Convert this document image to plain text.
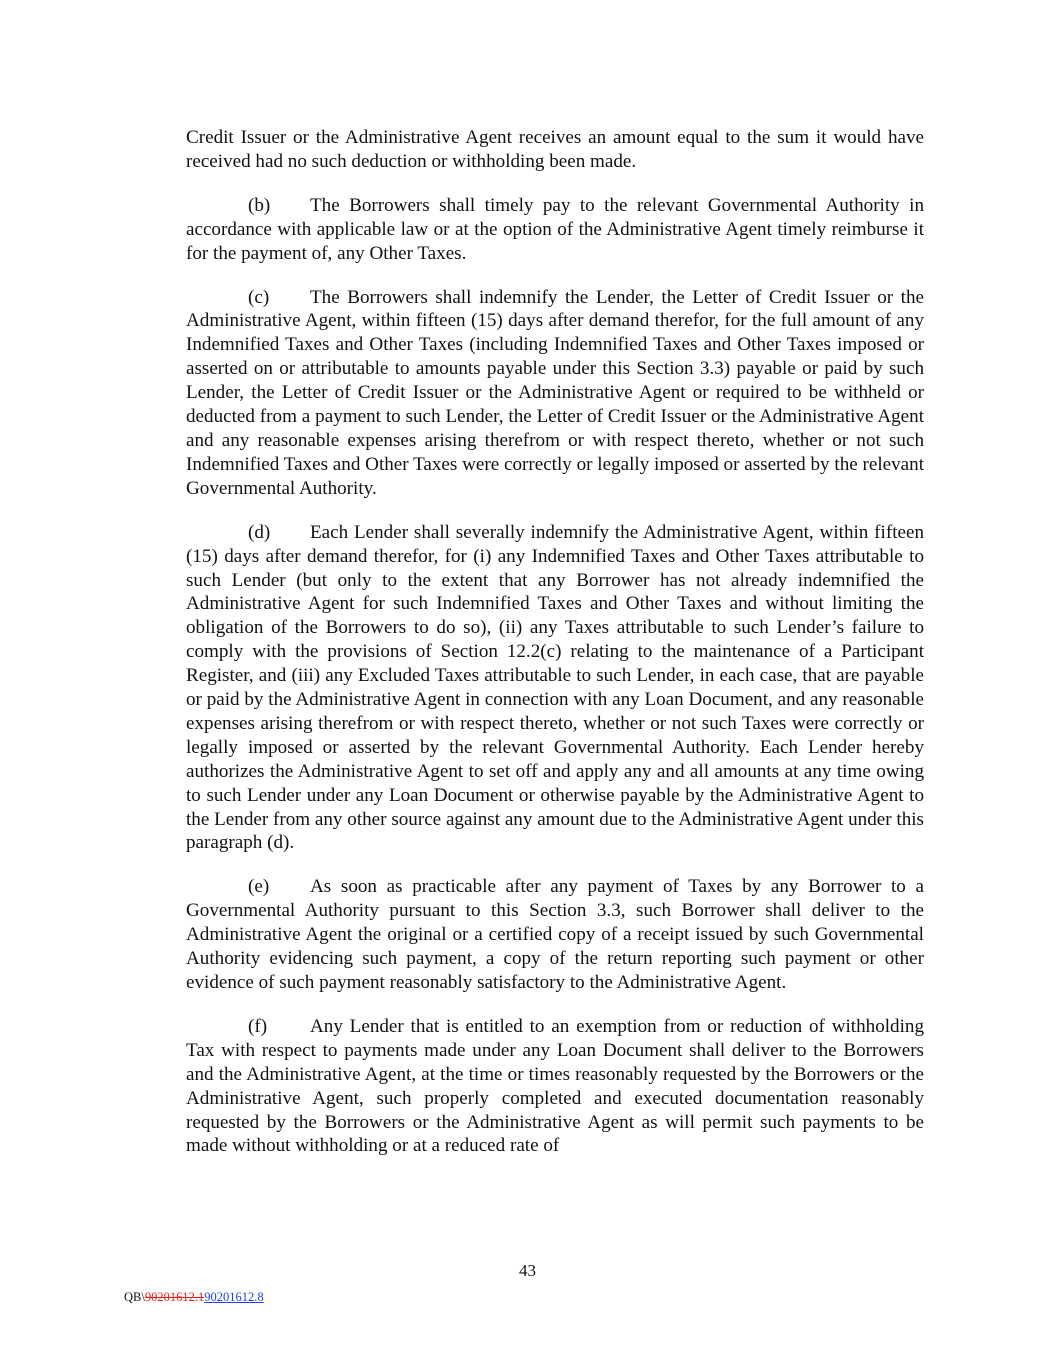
Credit Issuer or the Administrative Agent receives an amount equal to the sum it would have received had no such deduction or withholding been made.

(b) The Borrowers shall timely pay to the relevant Governmental Authority in accordance with applicable law or at the option of the Administrative Agent timely reimburse it for the payment of, any Other Taxes.

(c) The Borrowers shall indemnify the Lender, the Letter of Credit Issuer or the Administrative Agent, within fifteen (15) days after demand therefor, for the full amount of any Indemnified Taxes and Other Taxes (including Indemnified Taxes and Other Taxes imposed or asserted on or attributable to amounts payable under this Section 3.3) payable or paid by such Lender, the Letter of Credit Issuer or the Administrative Agent or required to be withheld or deducted from a payment to such Lender, the Letter of Credit Issuer or the Administrative Agent and any reasonable expenses arising therefrom or with respect thereto, whether or not such Indemnified Taxes and Other Taxes were correctly or legally imposed or asserted by the relevant Governmental Authority.

(d) Each Lender shall severally indemnify the Administrative Agent, within fifteen (15) days after demand therefor, for (i) any Indemnified Taxes and Other Taxes attributable to such Lender (but only to the extent that any Borrower has not already indemnified the Administrative Agent for such Indemnified Taxes and Other Taxes and without limiting the obligation of the Borrowers to do so), (ii) any Taxes attributable to such Lender’s failure to comply with the provisions of Section 12.2(c) relating to the maintenance of a Participant Register, and (iii) any Excluded Taxes attributable to such Lender, in each case, that are payable or paid by the Administrative Agent in connection with any Loan Document, and any reasonable expenses arising therefrom or with respect thereto, whether or not such Taxes were correctly or legally imposed or asserted by the relevant Governmental Authority. Each Lender hereby authorizes the Administrative Agent to set off and apply any and all amounts at any time owing to such Lender under any Loan Document or otherwise payable by the Administrative Agent to the Lender from any other source against any amount due to the Administrative Agent under this paragraph (d).

(e) As soon as practicable after any payment of Taxes by any Borrower to a Governmental Authority pursuant to this Section 3.3, such Borrower shall deliver to the Administrative Agent the original or a certified copy of a receipt issued by such Governmental Authority evidencing such payment, a copy of the return reporting such payment or other evidence of such payment reasonably satisfactory to the Administrative Agent.

(f) Any Lender that is entitled to an exemption from or reduction of withholding Tax with respect to payments made under any Loan Document shall deliver to the Borrowers and the Administrative Agent, at the time or times reasonably requested by the Borrowers or the Administrative Agent, such properly completed and executed documentation reasonably requested by the Borrowers or the Administrative Agent as will permit such payments to be made without withholding or at a reduced rate of

43
QB\90201612.190201612.8
